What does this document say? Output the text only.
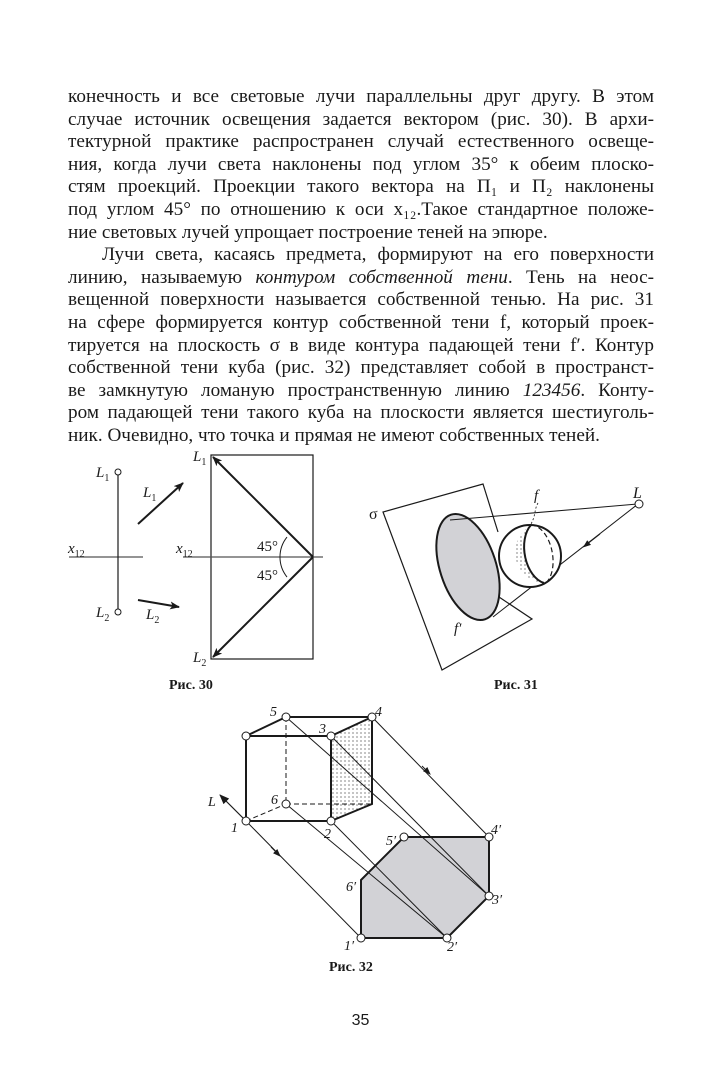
конечность и все световые лучи параллельны друг другу. В этом
случае источник освещения задается вектором (рис. 30). В архи-
тектурной практике распространен случай естественного освеще-
ния, когда лучи света наклонены под углом 35° к обеим плоско-
стям проекций. Проекции такого вектора на Π₁ и Π₂ наклонены
под углом 45° по отношению к оси x₁₂.Такое стандартное положе-
ние световых лучей упрощает построение теней на эпюре.
Лучи света, касаясь предмета, формируют на его поверхности
линию, называемую контуром собственной тени. Тень на неос-
вещенной поверхности называется собственной тенью. На рис. 31
на сфере формируется контур собственной тени f, который проек-
тируется на плоскость σ в виде контура падающей тени f′. Контур
собственной тени куба (рис. 32) представляет собой в пространст-
ве замкнутую ломаную пространственную линию 123456. Конту-
ром падающей тени такого куба на плоскости является шестиуголь-
ник. Очевидно, что точка и прямая не имеют собственных теней.
$L_1$
$L_2$
$x_{12}$
$L_1$
$L_2$
$x_{12}$
$L_1$
$L_2$
45°
45°
Рис. 30
σ
L
f
f′
Рис. 31
5	4
3
6
1	2
L
5′
4′
6′
3′
1′	2′
Рис. 32
35
